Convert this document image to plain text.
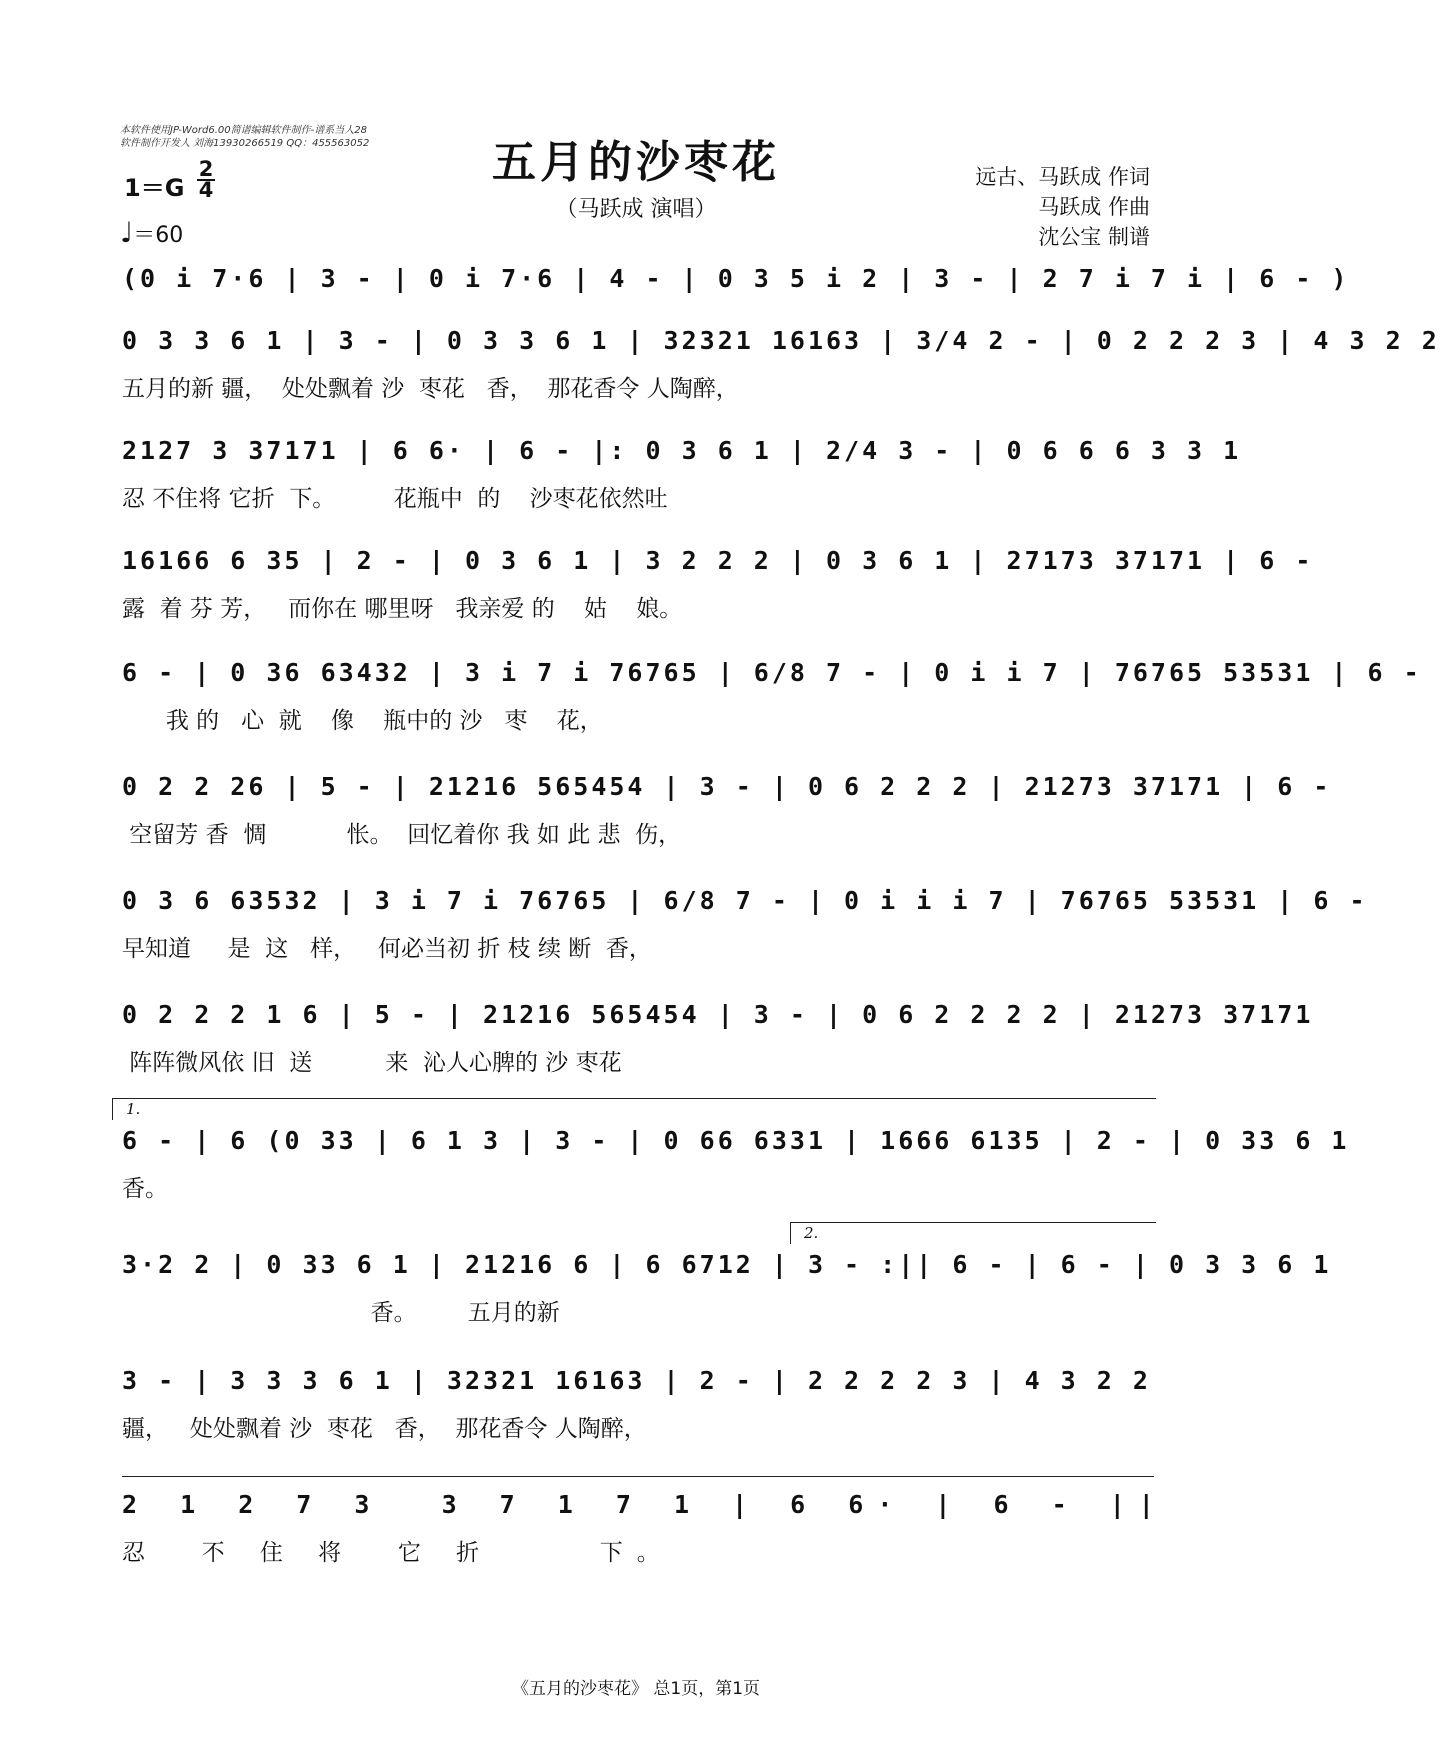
本软件使用JP-Word6.00简谱编辑软件制作-谱系当人28
软件制作开发人 刘海13930266519 QQ：455563052	五月的沙枣花
（马跃成 演唱）
远古、马跃成 作词
马跃成 作曲
沈公宝 制谱
1＝G
2
4
♩＝60
(0 i 7·6 | 3 - | 0 i 7·6 | 4 - | 0 3 5 i 2 | 3 - | 2 7 i 7 i | 6 - )
0 3 3 6 1 | 3 - | 0 3 3 6 1 | 32321 16163 | 3/4 2 - | 0 2 2 2 3 | 4 3 2 2
五月的新 疆，  处处飘着 沙  枣花   香，  那花香令 人陶醉，
2127 3 37171 | 6 6· | 6 - |: 0 3 6 1 | 2/4 3 - | 0 6 6 6 3 3 1
忍 不住将 它折  下。        花瓶中  的    沙枣花依然吐
16166 6 35 | 2 - | 0 3 6 1 | 3 2 2 2 | 0 3 6 1 | 27173 37171 | 6 -
露  着 芬 芳，   而你在 哪里呀   我亲爱 的    姑    娘。
6 - | 0 36 63432 | 3 i 7 i 76765 | 6/8 7 - | 0 i i 7 | 76765 53531 | 6 -
我 的   心  就    像    瓶中的 沙   枣    花，
0 2 2 26 | 5 - | 21216 565454 | 3 - | 0 6 2 2 2 | 21273 37171 | 6 -
空留芳 香  惆           怅。  回忆着你 我 如 此 悲  伤，
0 3 6 63532 | 3 i 7 i 76765 | 6/8 7 - | 0 i i i 7 | 76765 53531 | 6 -
早知道     是  这   样，   何必当初 折 枝 续 断  香，
0 2 2 2 1 6 | 5 - | 21216 565454 | 3 - | 0 6 2 2 2 2 | 21273 37171
阵阵微风依 旧  送          来  沁人心脾的 沙 枣花
1.
6 - | 6 (0 33 | 6 1 3 | 3 - | 0 66 6331 | 1666 6135 | 2 - | 0 33 6 1
香。
2.
3·2 2 | 0 33 6 1 | 21216 6 | 6 6712 | 3 - :|| 6 - | 6 - | 0 3 3 6 1
香。       五月的新
3 - | 3 3 3 6 1 | 32321 16163 | 2 - | 2 2 2 2 3 | 4 3 2 2
疆，   处处飘着 沙  枣花   香，  那花香令 人陶醉，
2 1 2 7 3  3 7 1 7 1 | 6 6· | 6 - ||
忍  不 住 将  它 折     下。
《五月的沙枣花》 总1页，第1页
